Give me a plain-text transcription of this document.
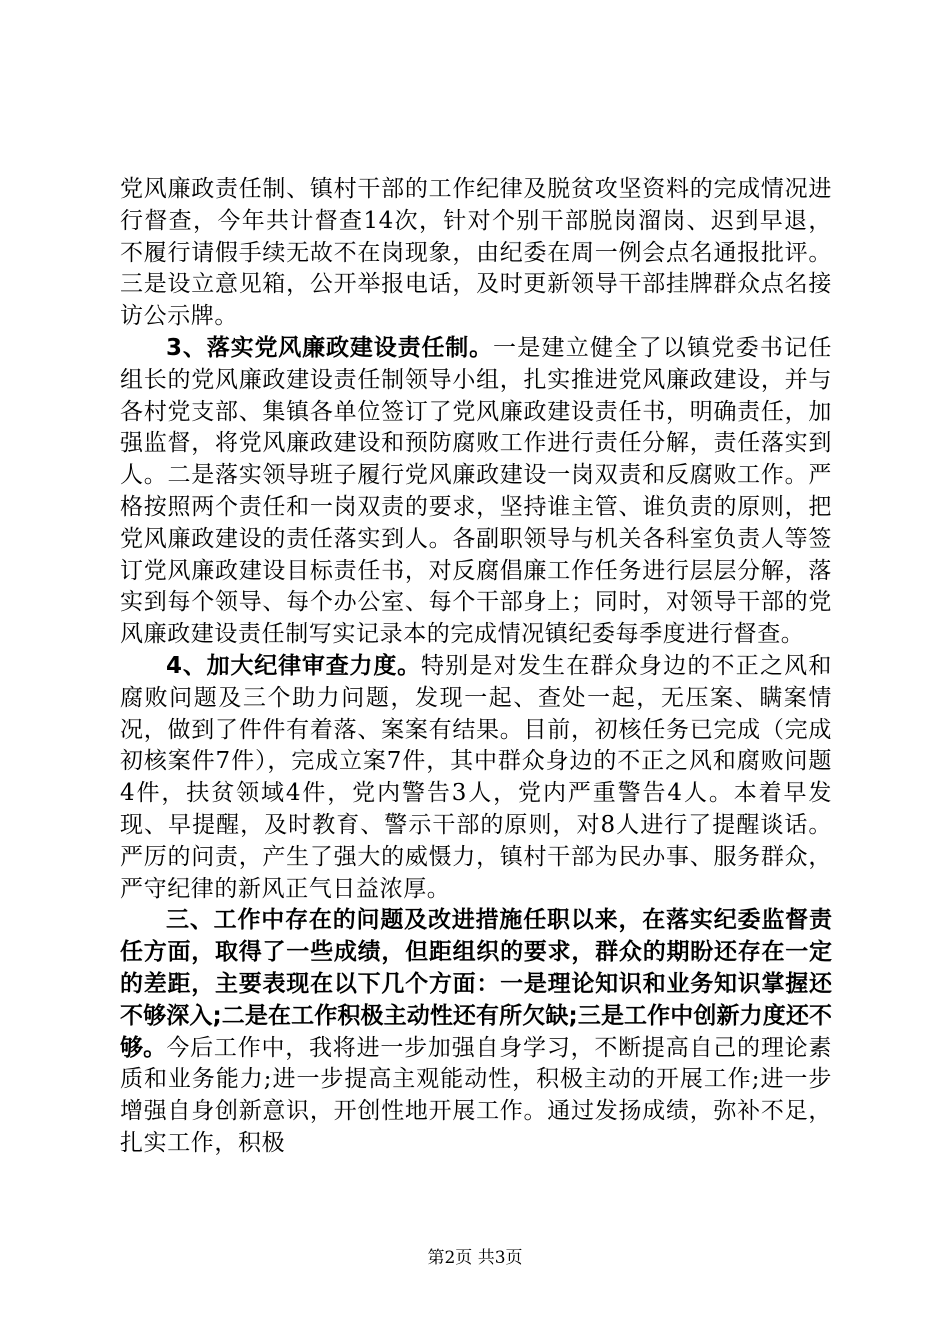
党风廉政责任制、镇村干部的工作纪律及脱贫攻坚资料的完成情况进行督查，今年共计督查14次，针对个别干部脱岗溜岗、迟到早退，不履行请假手续无故不在岗现象，由纪委在周一例会点名通报批评。三是设立意见箱，公开举报电话，及时更新领导干部挂牌群众点名接访公示牌。

3、落实党风廉政建设责任制。一是建立健全了以镇党委书记任组长的党风廉政建设责任制领导小组，扎实推进党风廉政建设，并与各村党支部、集镇各单位签订了党风廉政建设责任书，明确责任，加强监督，将党风廉政建设和预防腐败工作进行责任分解，责任落实到人。二是落实领导班子履行党风廉政建设一岗双责和反腐败工作。严格按照两个责任和一岗双责的要求，坚持谁主管、谁负责的原则，把党风廉政建设的责任落实到人。各副职领导与机关各科室负责人等签订党风廉政建设目标责任书，对反腐倡廉工作任务进行层层分解，落实到每个领导、每个办公室、每个干部身上；同时，对领导干部的党风廉政建设责任制写实记录本的完成情况镇纪委每季度进行督查。

4、加大纪律审查力度。特别是对发生在群众身边的不正之风和腐败问题及三个助力问题，发现一起、查处一起，无压案、瞒案情况，做到了件件有着落、案案有结果。目前，初核任务已完成（完成初核案件7件），完成立案7件，其中群众身边的不正之风和腐败问题4件，扶贫领域4件，党内警告3人，党内严重警告4人。本着早发现、早提醒，及时教育、警示干部的原则，对8人进行了提醒谈话。严厉的问责，产生了强大的威慑力，镇村干部为民办事、服务群众，严守纪律的新风正气日益浓厚。

三、工作中存在的问题及改进措施任职以来，在落实纪委监督责任方面，取得了一些成绩，但距组织的要求，群众的期盼还存在一定的差距，主要表现在以下几个方面：一是理论知识和业务知识掌握还不够深入;二是在工作积极主动性还有所欠缺;三是工作中创新力度还不够。今后工作中，我将进一步加强自身学习，不断提高自己的理论素质和业务能力;进一步提高主观能动性，积极主动的开展工作;进一步增强自身创新意识，开创性地开展工作。通过发扬成绩，弥补不足，扎实工作，积极

第2页 共3页
